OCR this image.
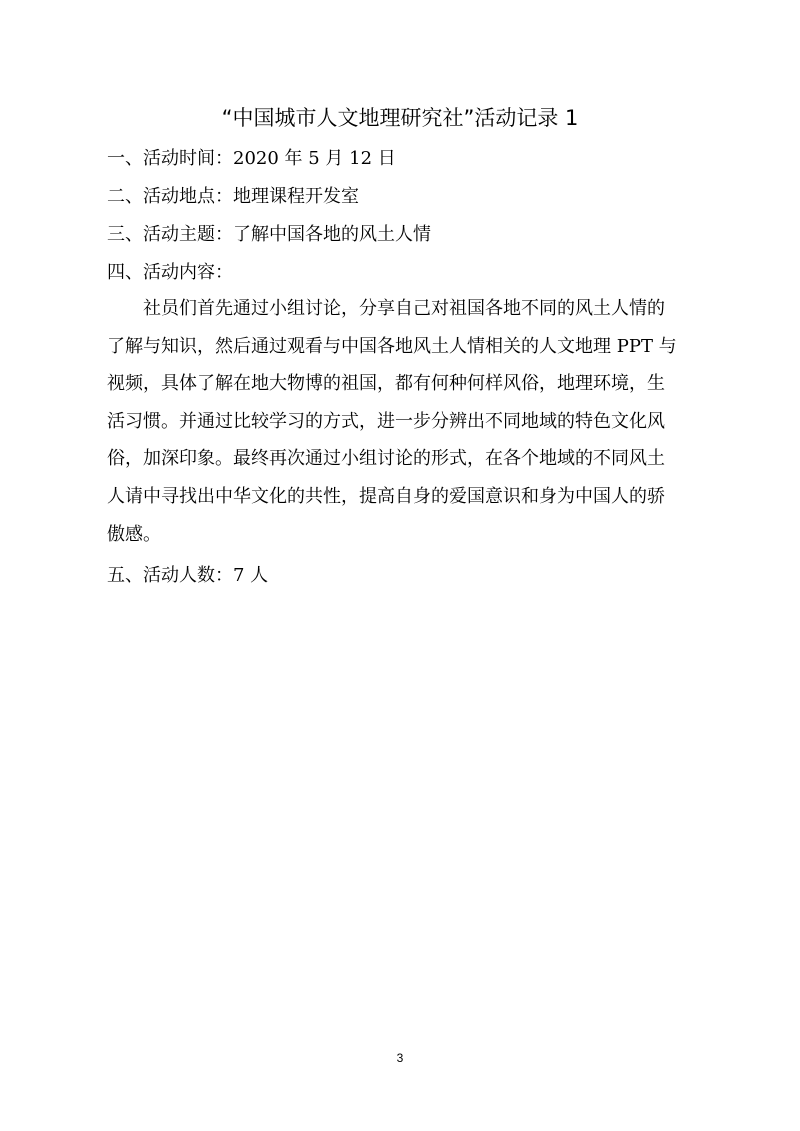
“中国城市人文地理研究社”活动记录 1
一、活动时间：2020 年 5 月 12 日
二、活动地点：地理课程开发室
三、活动主题：了解中国各地的风土人情
四、活动内容：
社员们首先通过小组讨论，分享自己对祖国各地不同的风土人情的
了解与知识，然后通过观看与中国各地风土人情相关的人文地理 PPT 与
视频，具体了解在地大物博的祖国，都有何种何样风俗，地理环境，生
活习惯。并通过比较学习的方式，进一步分辨出不同地域的特色文化风
俗，加深印象。最终再次通过小组讨论的形式，在各个地域的不同风土
人请中寻找出中华文化的共性，提高自身的爱国意识和身为中国人的骄
傲感。
五、活动人数：7 人
3
